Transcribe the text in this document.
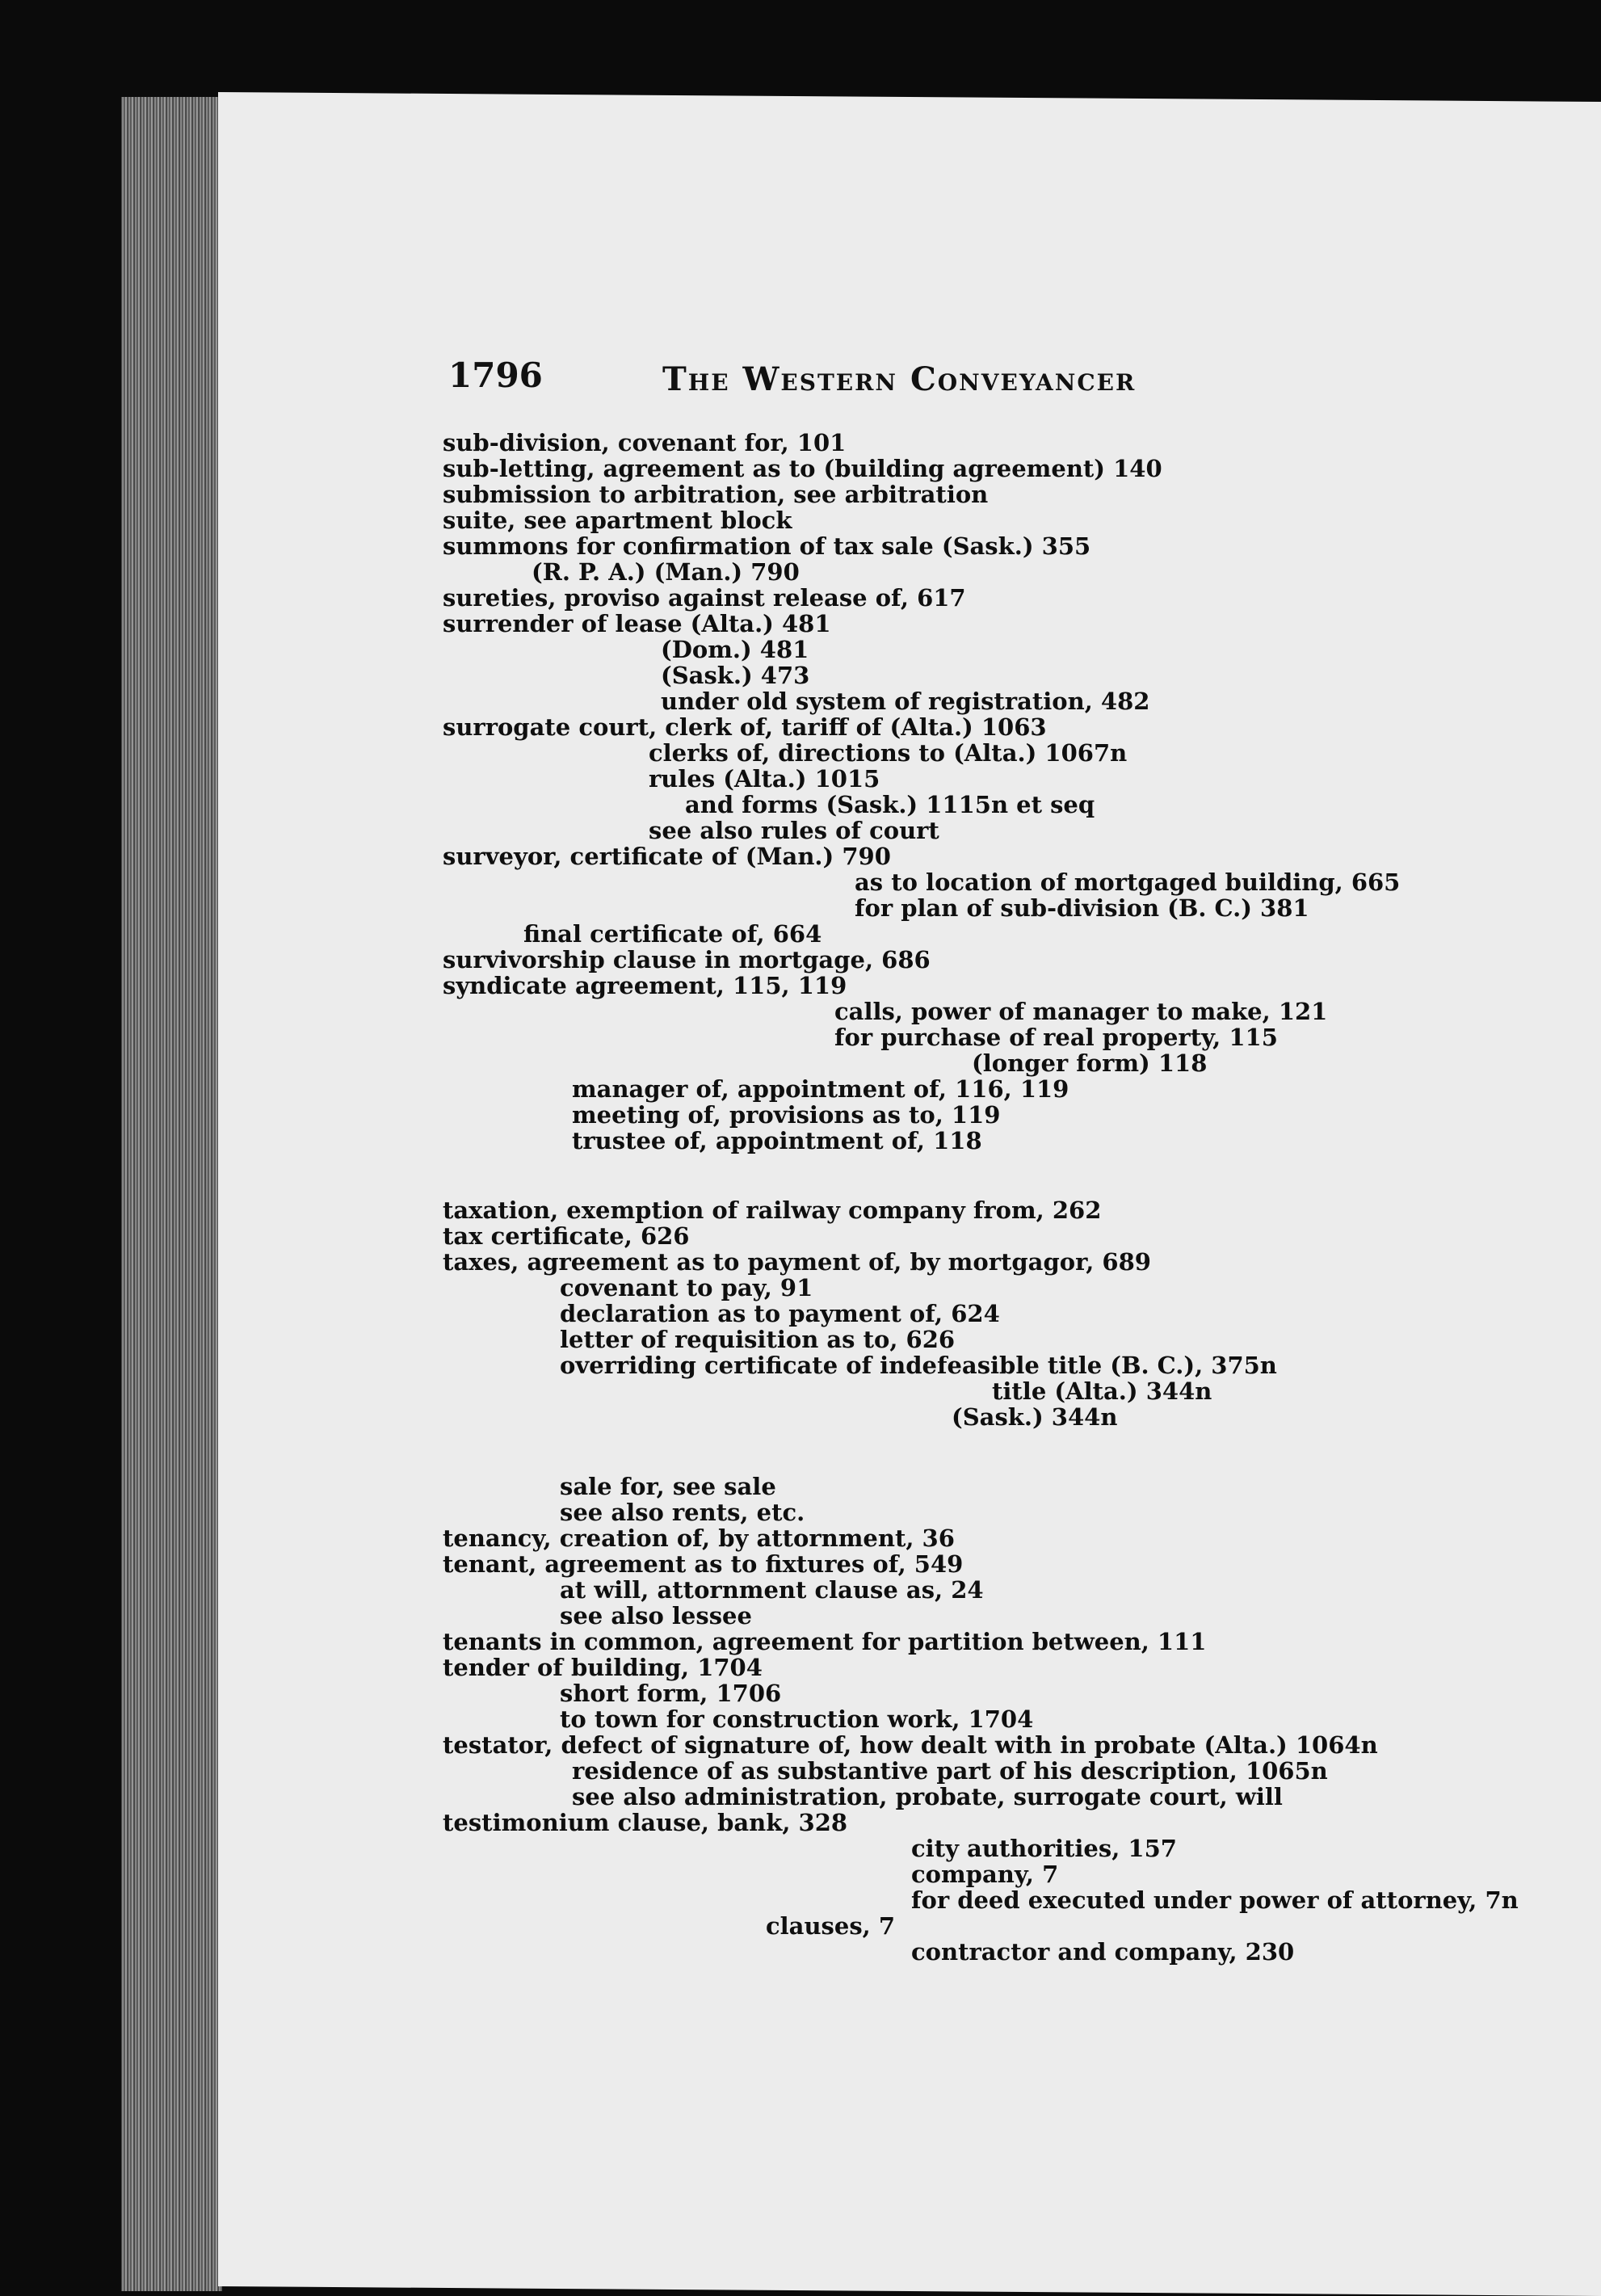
1796	The Western Conveyancer
sub-division, covenant for, 101
sub-letting, agreement as to (building agreement) 140
submission to arbitration, see arbitration
suite, see apartment block
summons for confirmation of tax sale (Sask.) 355
(R. P. A.) (Man.) 790
sureties, proviso against release of, 617
surrender of lease (Alta.) 481
(Dom.) 481
(Sask.) 473
under old system of registration, 482
surrogate court, clerk of, tariff of (Alta.) 1063
clerks of, directions to (Alta.) 1067n
rules (Alta.) 1015
and forms (Sask.) 1115n et seq
see also rules of court
surveyor, certificate of (Man.) 790
as to location of mortgaged building, 665
for plan of sub-division (B. C.) 381
final certificate of, 664
survivorship clause in mortgage, 686
syndicate agreement, 115, 119
calls, power of manager to make, 121
for purchase of real property, 115
(longer form) 118
manager of, appointment of, 116, 119
meeting of, provisions as to, 119
trustee of, appointment of, 118
taxation, exemption of railway company from, 262
tax certificate, 626
taxes, agreement as to payment of, by mortgagor, 689
covenant to pay, 91
declaration as to payment of, 624
letter of requisition as to, 626
overriding certificate of indefeasible title (B. C.), 375n
title (Alta.) 344n
(Sask.) 344n
sale for, see sale
see also rents, etc.
tenancy, creation of, by attornment, 36
tenant, agreement as to fixtures of, 549
at will, attornment clause as, 24
see also lessee
tenants in common, agreement for partition between, 111
tender of building, 1704
short form, 1706
to town for construction work, 1704
testator, defect of signature of, how dealt with in probate (Alta.) 1064n
residence of as substantive part of his description, 1065n
see also administration, probate, surrogate court, will
testimonium clause, bank, 328
city authorities, 157
company, 7
for deed executed under power of attorney, 7n
clauses, 7
contractor and company, 230
